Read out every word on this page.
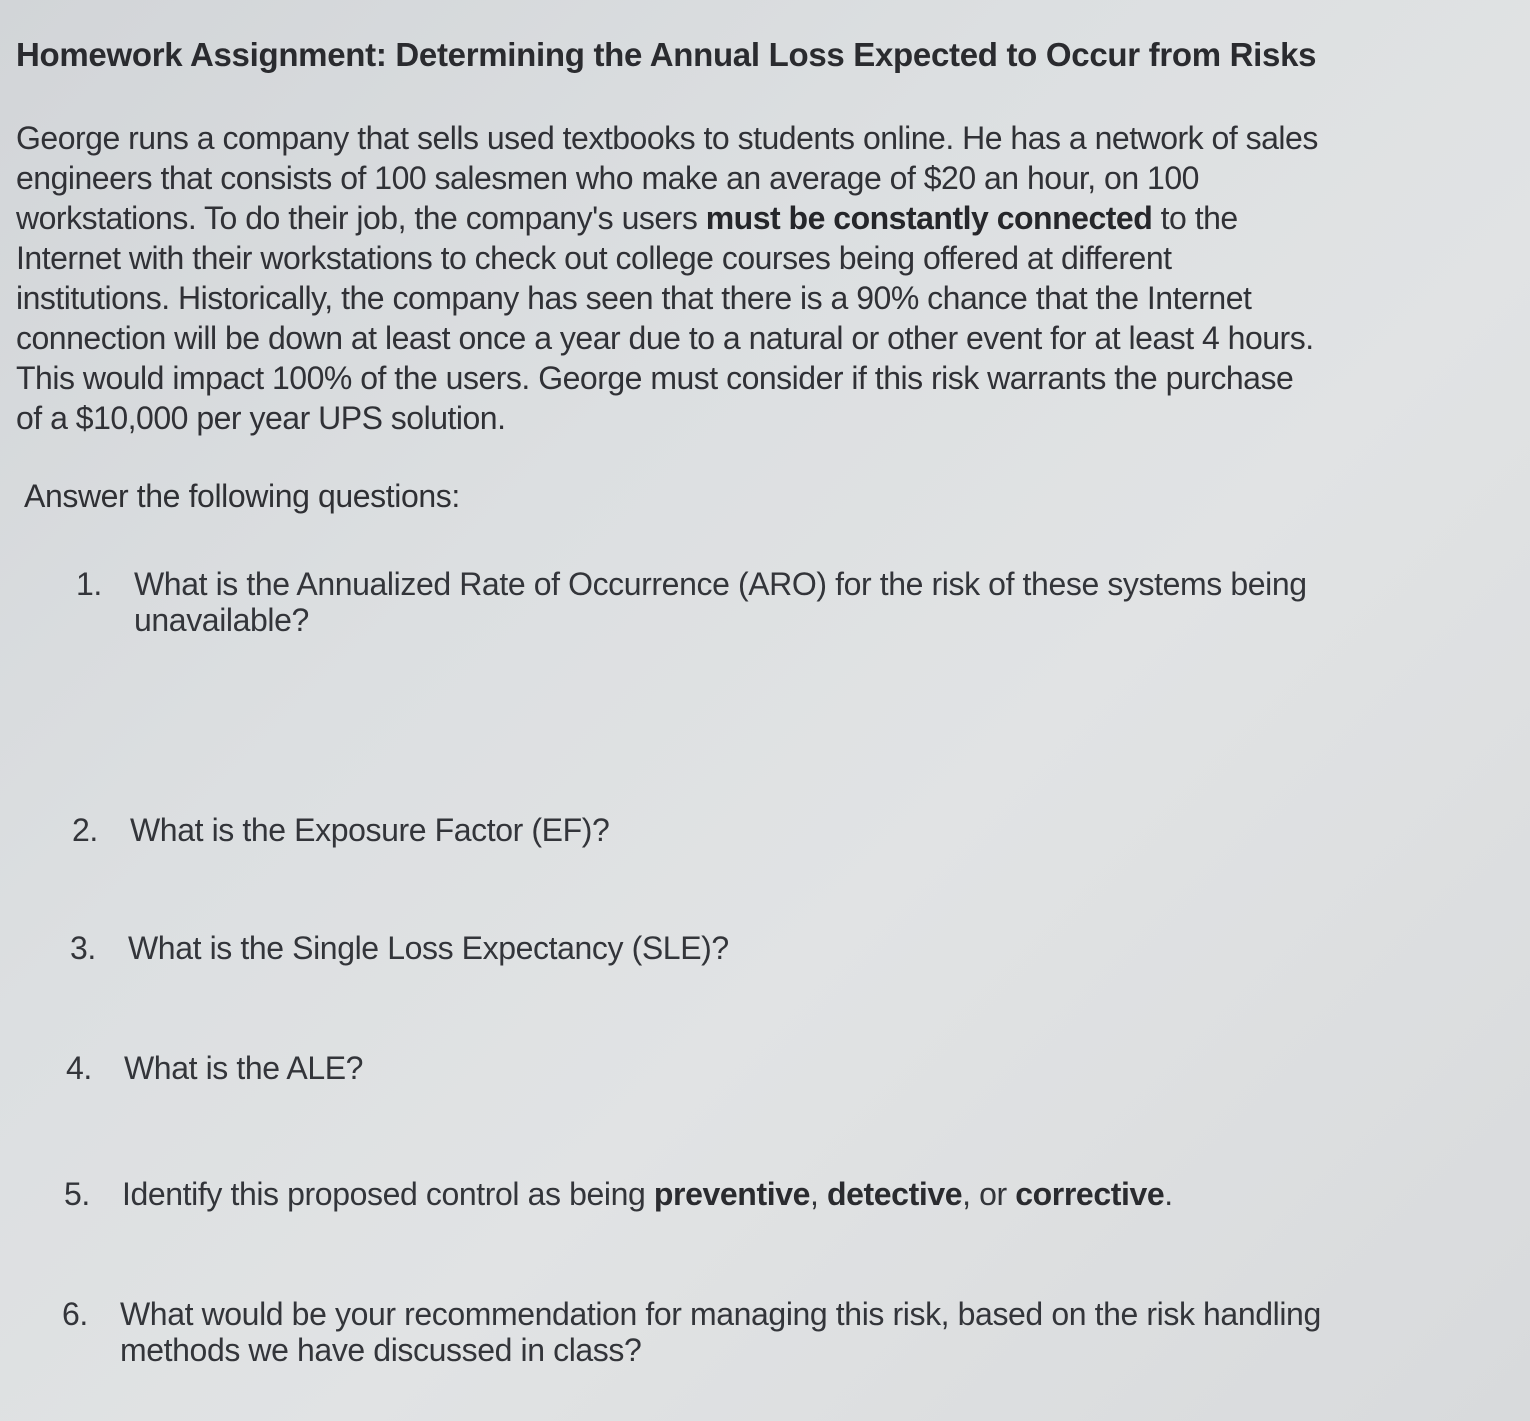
Homework Assignment: Determining the Annual Loss Expected to Occur from Risks
George runs a company that sells used textbooks to students online. He has a network of sales
engineers that consists of 100 salesmen who make an average of $20 an hour, on 100
workstations. To do their job, the company's users must be constantly connected to the
Internet with their workstations to check out college courses being offered at different
institutions. Historically, the company has seen that there is a 90% chance that the Internet
connection will be down at least once a year due to a natural or other event for at least 4 hours.
This would impact 100% of the users. George must consider if this risk warrants the purchase
of a $10,000 per year UPS solution.
Answer the following questions:
1. What is the Annualized Rate of Occurrence (ARO) for the risk of these systems being
unavailable?
2. What is the Exposure Factor (EF)?
3. What is the Single Loss Expectancy (SLE)?
4. What is the ALE?
5. Identify this proposed control as being preventive, detective, or corrective.
6. What would be your recommendation for managing this risk, based on the risk handling
methods we have discussed in class?
